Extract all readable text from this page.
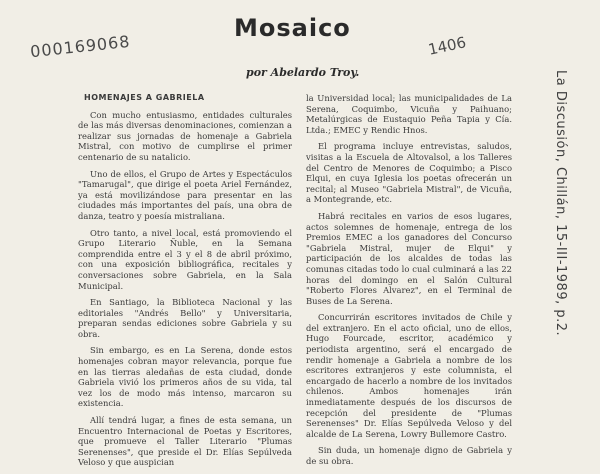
000169068
Mosaico
1406
por Abelardo Troy.	La Discusión, Chillán, 15-III-1989, p.2.
HOMENAJES A GABRIELA

Con mucho entusiasmo, entidades culturales de las más diversas denominaciones, comienzan a realizar sus jornadas de homenaje a Gabriela Mistral, con motivo de cumplirse el primer centenario de su natalicio.

Uno de ellos, el Grupo de Artes y Espectáculos "Tamarugal", que dirige el poeta Ariel Fernández, ya está movilizándose para presentar en las ciudades más importantes del país, una obra de danza, teatro y poesía mistraliana.

Otro tanto, a nivel local, está promoviendo el Grupo Literario Ñuble, en la Semana comprendida entre el 3 y el 8 de abril próximo, con una exposición bibliográfica, recitales y conversaciones sobre Gabriela, en la Sala Municipal.

En Santiago, la Biblioteca Nacional y las editoriales "Andrés Bello" y Universitaria, preparan sendas ediciones sobre Gabriela y su obra.

Sin embargo, es en La Serena, donde estos homenajes cobran mayor relevancia, porque fue en las tierras aledañas de esta ciudad, donde Gabriela vivió los primeros años de su vida, tal vez los de modo más intenso, marcaron su existencia.

Allí tendrá lugar, a fines de esta semana, un Encuentro Internacional de Poetas y Escritores, que promueve el Taller Literario "Plumas Serenenses", que preside el Dr. Elías Sepúlveda Veloso y que auspician

la Universidad local; las municipalidades de La Serena, Coquimbo, Vicuña y Paihuano; Metalúrgicas de Eustaquio Peña Tapia y Cía. Ltda.; EMEC y Rendic Hnos.

El programa incluye entrevistas, saludos, visitas a la Escuela de Altovalsol, a los Talleres del Centro de Menores de Coquimbo; a Pisco Elqui, en cuya Iglesia los poetas ofrecerán un recital; al Museo "Gabriela Mistral", de Vicuña, a Montegrande, etc.

Habrá recitales en varios de esos lugares, actos solemnes de homenaje, entrega de los Premios EMEC a los ganadores del Concurso "Gabriela Mistral, mujer de Elqui" y participación de los alcaldes de todas las comunas citadas todo lo cual culminará a las 22 horas del domingo en el Salón Cultural "Roberto Flores Alvarez", en el Terminal de Buses de La Serena.

Concurrirán escritores invitados de Chile y del extranjero. En el acto oficial, uno de ellos, Hugo Fourcade, escritor, académico y periodista argentino, será el encargado de rendir homenaje a Gabriela a nombre de los escritores extranjeros y este columnista, el encargado de hacerlo a nombre de los invitados chilenos. Ambos homenajes irán inmediatamente después de los discursos de recepción del presidente de "Plumas Serenenses" Dr. Elías Sepúlveda Veloso y del alcalde de La Serena, Lowry Bullemore Castro.

Sin duda, un homenaje digno de Gabriela y de su obra.
